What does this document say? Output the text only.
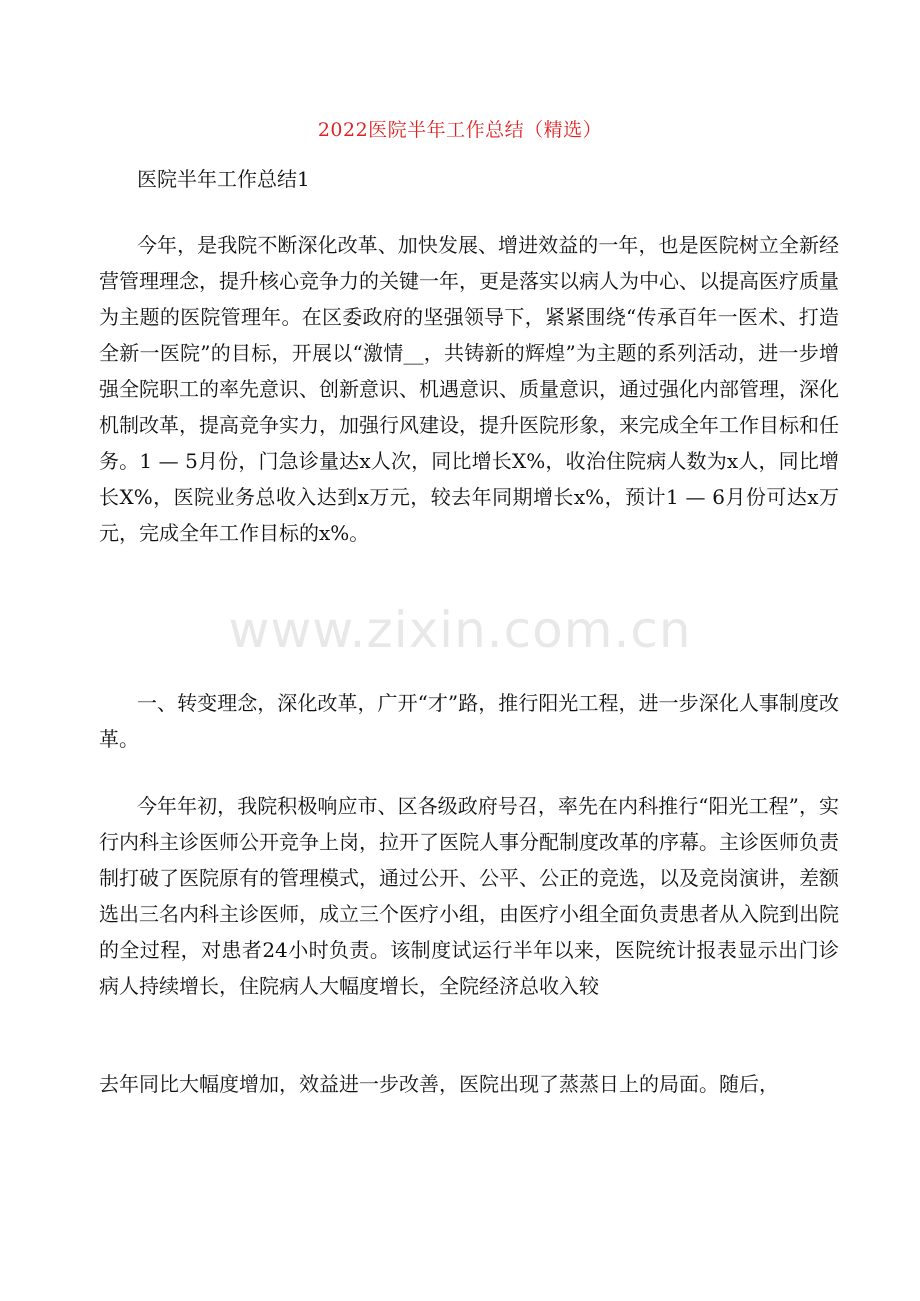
2022医院半年工作总结（精选）
医院半年工作总结1

今年，是我院不断深化改革、加快发展、增进效益的一年，也是医院树立全新经营管理理念，提升核心竞争力的关键一年，更是落实以病人为中心、以提高医疗质量为主题的医院管理年。在区委政府的坚强领导下，紧紧围绕“传承百年一医术、打造全新一医院”的目标，开展以“激情__，共铸新的辉煌”为主题的系列活动，进一步增强全院职工的率先意识、创新意识、机遇意识、质量意识，通过强化内部管理，深化机制改革，提高竞争实力，加强行风建设，提升医院形象，来完成全年工作目标和任务。1 — 5月份，门急诊量达x人次，同比增长X%，收治住院病人数为x人，同比增长X%，医院业务总收入达到x万元，较去年同期增长x%，预计1 — 6月份可达x万元，完成全年工作目标的x%。

一、转变理念，深化改革，广开“才”路，推行阳光工程，进一步深化人事制度改革。

今年年初，我院积极响应市、区各级政府号召，率先在内科推行“阳光工程”，实行内科主诊医师公开竞争上岗，拉开了医院人事分配制度改革的序幕。主诊医师负责制打破了医院原有的管理模式，通过公开、公平、公正的竞选，以及竞岗演讲，差额选出三名内科主诊医师，成立三个医疗小组，由医疗小组全面负责患者从入院到出院的全过程，对患者24小时负责。该制度试运行半年以来，医院统计报表显示出门诊病人持续增长，住院病人大幅度增长，全院经济总收入较

去年同比大幅度增加，效益进一步改善，医院出现了蒸蒸日上的局面。随后，

www.zixin.com.cn
